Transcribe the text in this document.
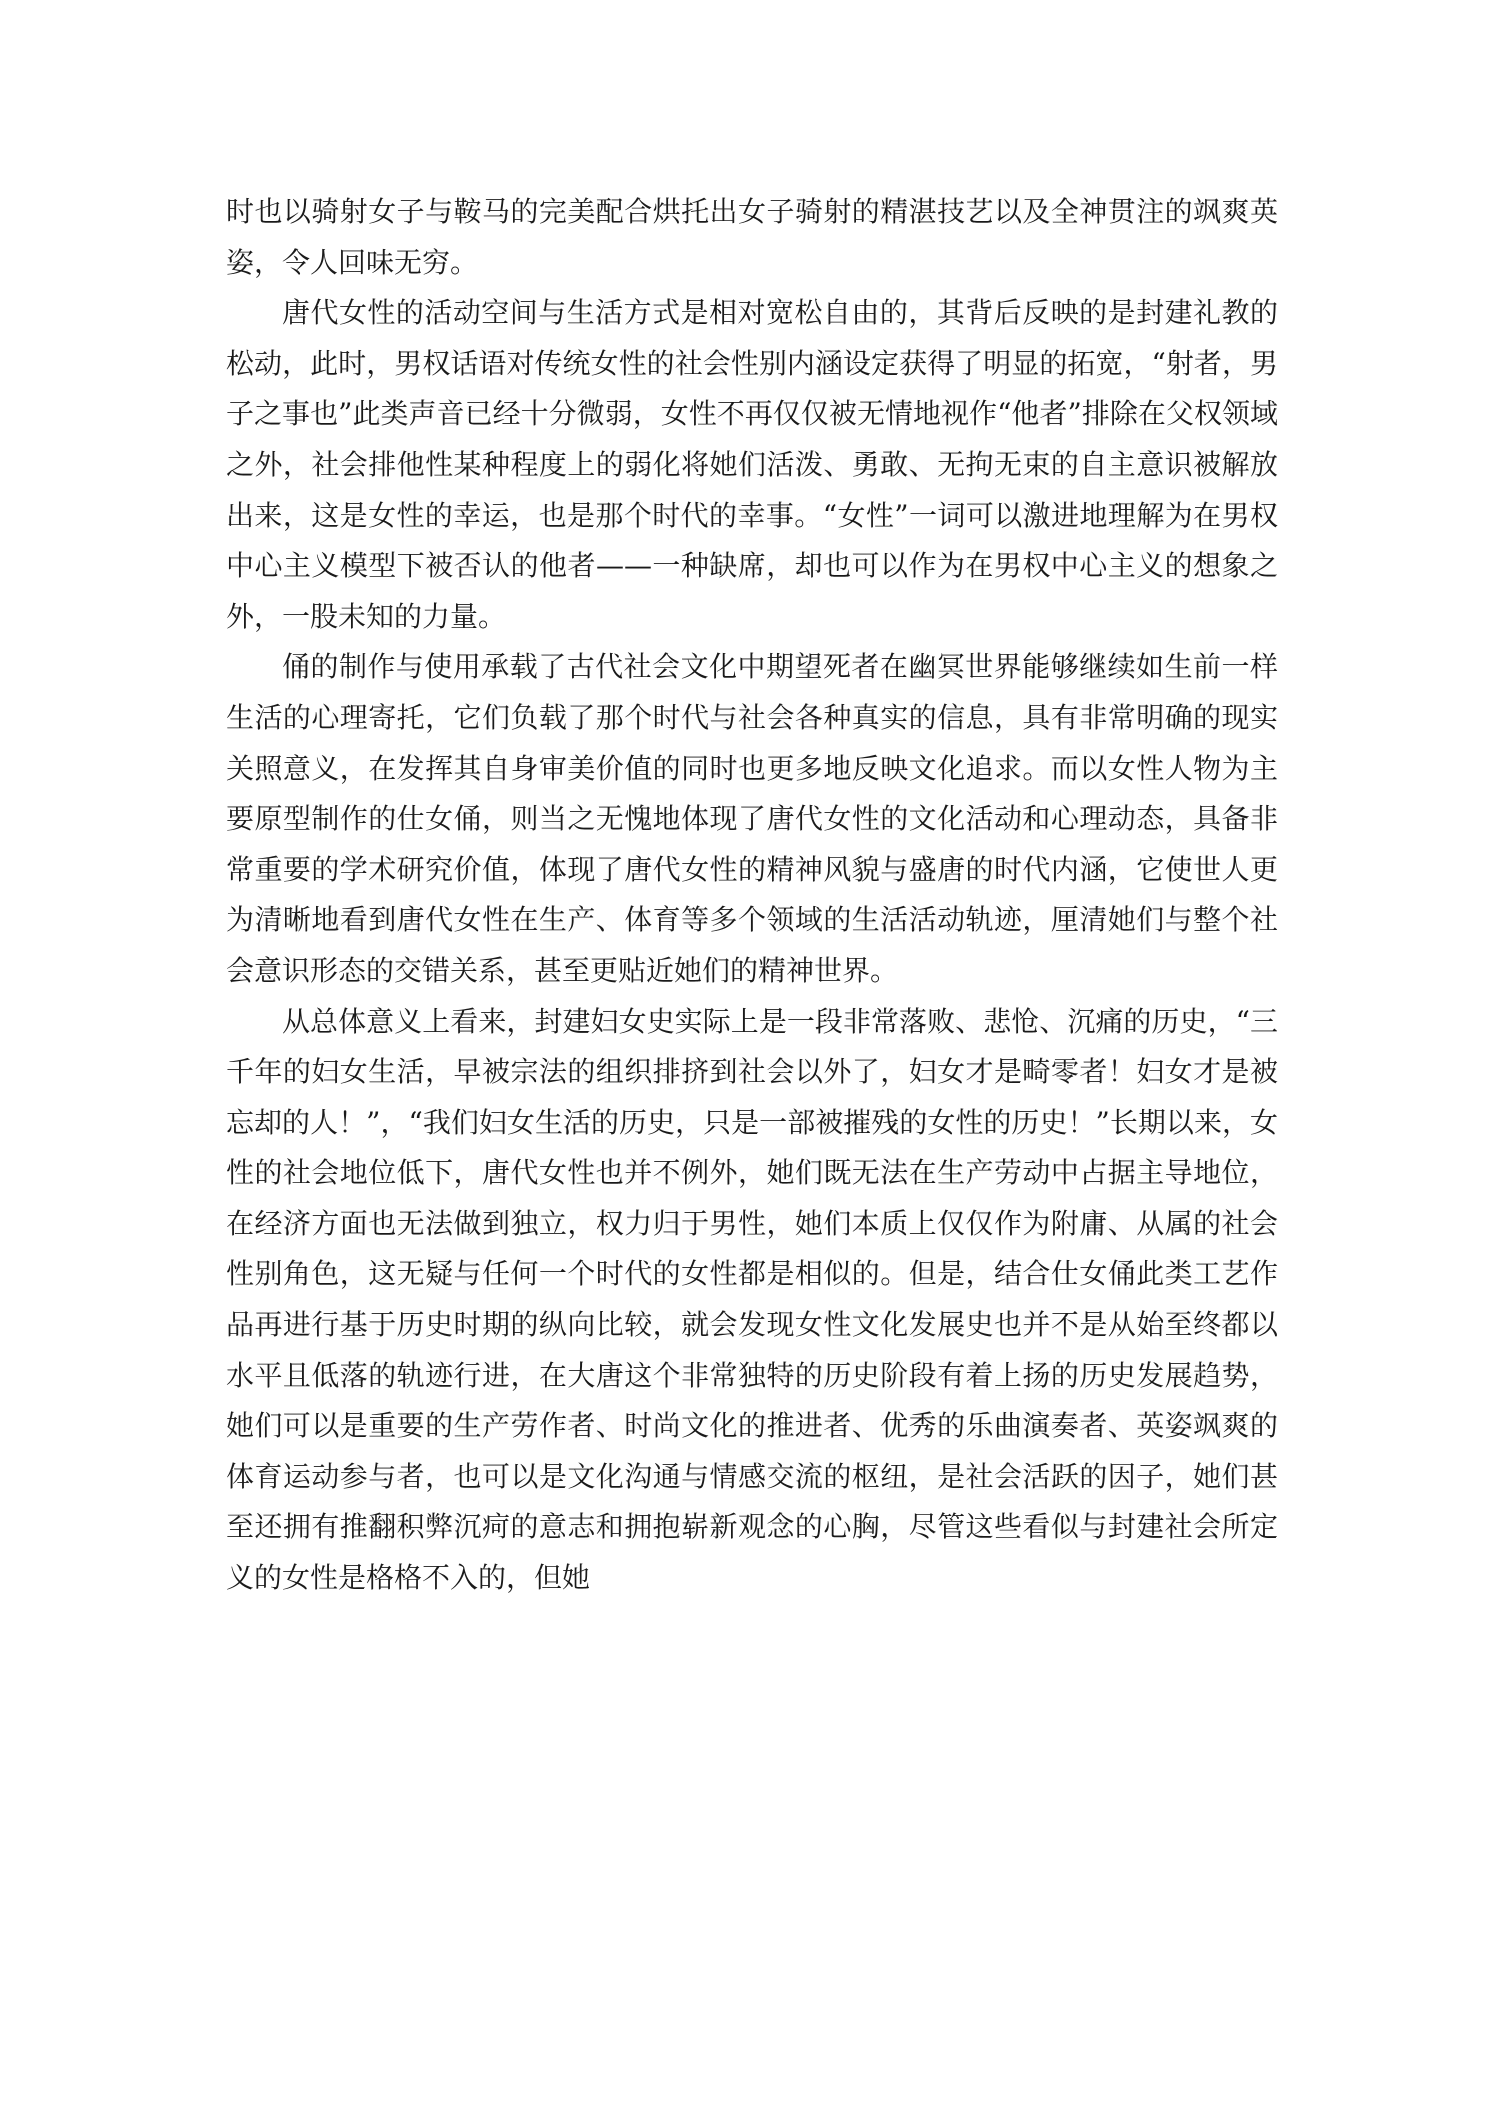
时也以骑射女子与鞍马的完美配合烘托出女子骑射的精湛技艺以及全神贯注的飒爽英姿，令人回味无穷。

唐代女性的活动空间与生活方式是相对宽松自由的，其背后反映的是封建礼教的松动，此时，男权话语对传统女性的社会性别内涵设定获得了明显的拓宽，“射者，男子之事也”此类声音已经十分微弱，女性不再仅仅被无情地视作“他者”排除在父权领域之外，社会排他性某种程度上的弱化将她们活泼、勇敢、无拘无束的自主意识被解放出来，这是女性的幸运，也是那个时代的幸事。“女性”一词可以激进地理解为在男权中心主义模型下被否认的他者——一种缺席，却也可以作为在男权中心主义的想象之外，一股未知的力量。

俑的制作与使用承载了古代社会文化中期望死者在幽冥世界能够继续如生前一样生活的心理寄托，它们负载了那个时代与社会各种真实的信息，具有非常明确的现实关照意义，在发挥其自身审美价值的同时也更多地反映文化追求。而以女性人物为主要原型制作的仕女俑，则当之无愧地体现了唐代女性的文化活动和心理动态，具备非常重要的学术研究价值，体现了唐代女性的精神风貌与盛唐的时代内涵，它使世人更为清晰地看到唐代女性在生产、体育等多个领域的生活活动轨迹，厘清她们与整个社会意识形态的交错关系，甚至更贴近她们的精神世界。

从总体意义上看来，封建妇女史实际上是一段非常落败、悲怆、沉痛的历史，“三千年的妇女生活，早被宗法的组织排挤到社会以外了，妇女才是畸零者！妇女才是被忘却的人！”，“我们妇女生活的历史，只是一部被摧残的女性的历史！”长期以来，女性的社会地位低下，唐代女性也并不例外，她们既无法在生产劳动中占据主导地位，在经济方面也无法做到独立，权力归于男性，她们本质上仅仅作为附庸、从属的社会性别角色，这无疑与任何一个时代的女性都是相似的。但是，结合仕女俑此类工艺作品再进行基于历史时期的纵向比较，就会发现女性文化发展史也并不是从始至终都以水平且低落的轨迹行进，在大唐这个非常独特的历史阶段有着上扬的历史发展趋势，她们可以是重要的生产劳作者、时尚文化的推进者、优秀的乐曲演奏者、英姿飒爽的体育运动参与者，也可以是文化沟通与情感交流的枢纽，是社会活跃的因子，她们甚至还拥有推翻积弊沉疴的意志和拥抱崭新观念的心胸，尽管这些看似与封建社会所定义的女性是格格不入的，但她
